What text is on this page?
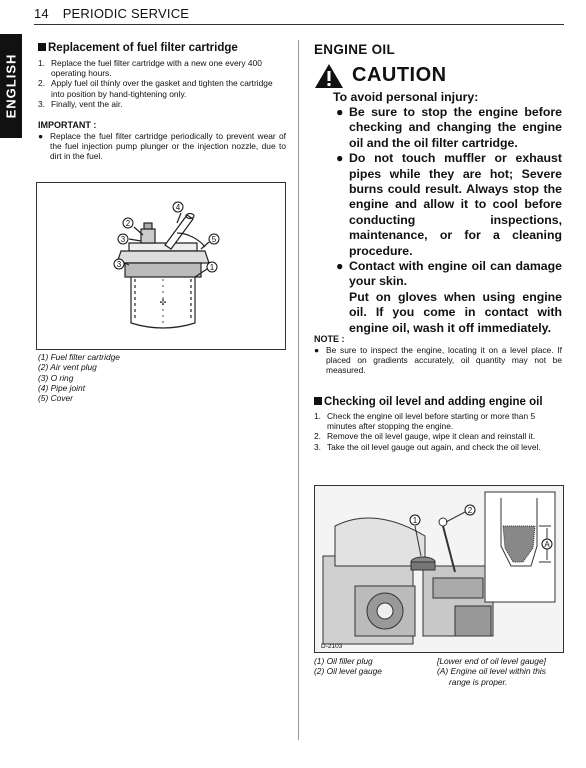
14 PERIODIC SERVICE
ENGLISH
Replacement of fuel filter cartridge
1. Replace the fuel filter cartridge with a new one every 400 operating hours.
2. Apply fuel oil thinly over the gasket and tighten the cartridge into position by hand-tightening only.
3. Finally, vent the air.
IMPORTANT :
● Replace the fuel filter cartridge periodically to prevent wear of the fuel injection pump plunger or the injection nozzle, due to dirt in the fuel.
✣
2
3
3
4
5
1
(1) Fuel filter cartridge
(2) Air vent plug
(3) O ring
(4) Pipe joint
(5) Cover
ENGINE OIL
CAUTION
To avoid personal injury:
● Be sure to stop the engine before checking and changing the engine oil and the oil filter cartridge.

● Do not touch muffler or exhaust pipes while they are hot; Severe burns could result. Always stop the engine and allow it to cool before conducting inspections, maintenance, or for a cleaning procedure.

● Contact with engine oil can damage your skin.

Put on gloves when using engine oil. If you come in contact with engine oil, wash it off immediately.

NOTE :
● Be sure to inspect the engine, locating it on a level place. If placed on gradients accurately, oil quantity may not be measured.
Checking oil level and adding engine oil
1. Check the engine oil level before starting or more than 5 minutes after stopping the engine.
2. Remove the oil level gauge, wipe it clean and reinstall it.
3. Take the oil level gauge out again, and check the oil level.
1
2
A
D-2103
(1) Oil filler plug
(2) Oil level gauge
[Lower end of oil level gauge]
(A) Engine oil level within this
range is proper.
